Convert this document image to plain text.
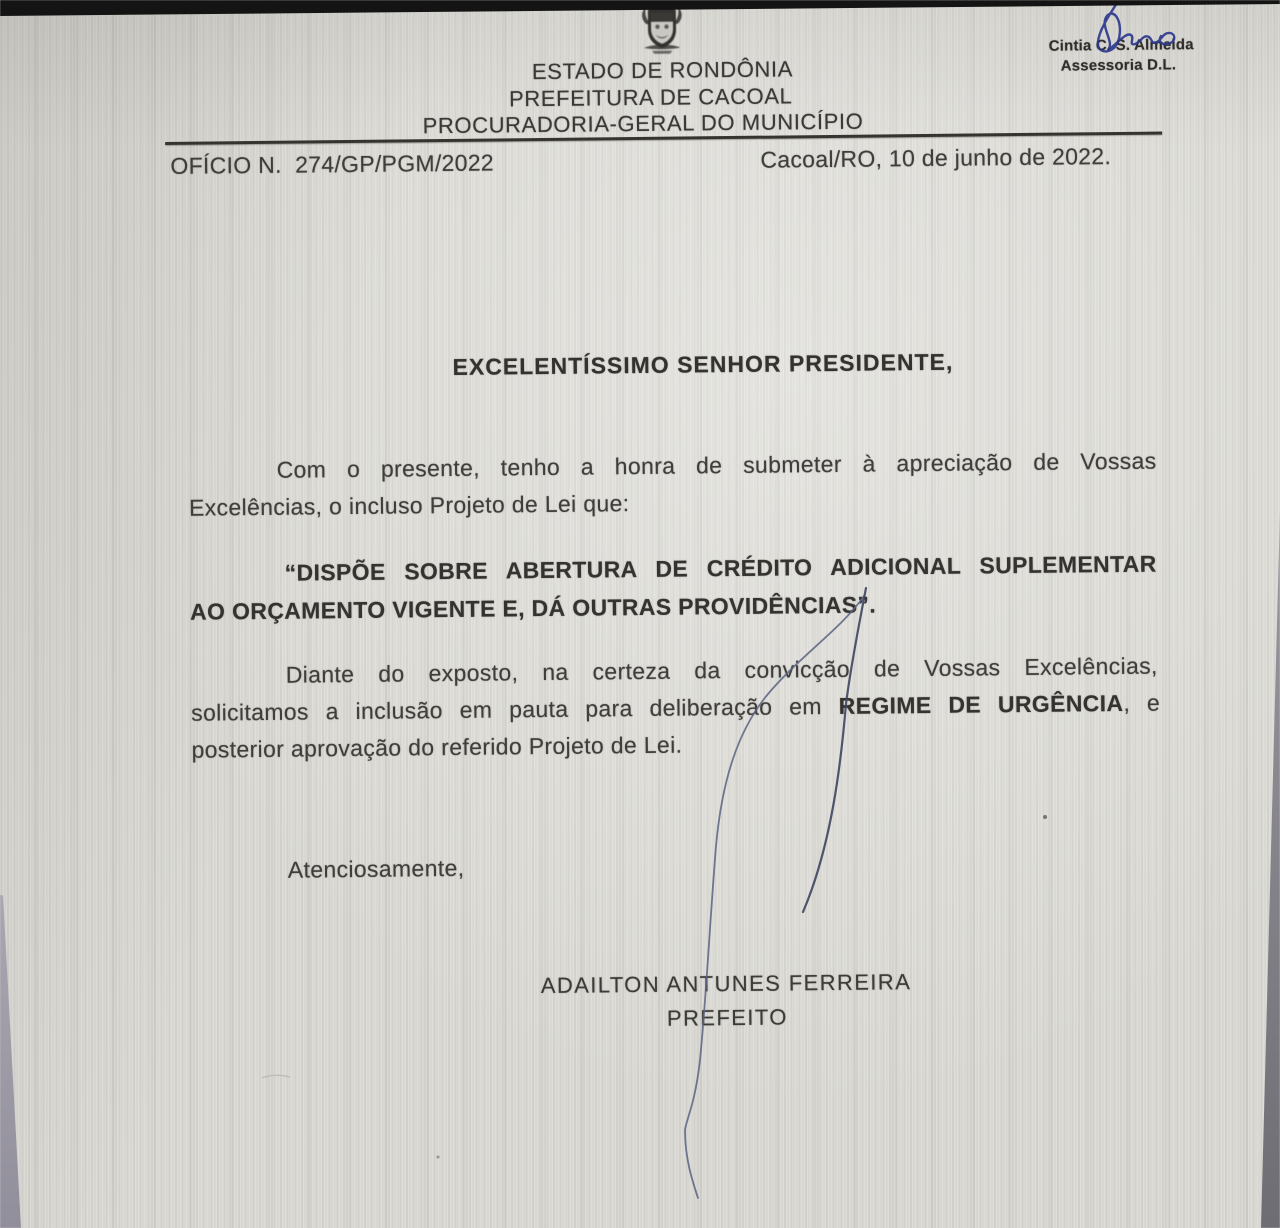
ESTADO DE RONDÔNIA
PREFEITURA DE CACOAL
PROCURADORIA-GERAL DO MUNICÍPIO
OFÍCIO N.  274/GP/PGM/2022	Cacoal/RO, 10 de junho de 2022.
EXCELENTÍSSIMO SENHOR PRESIDENTE,
Com o presente, tenho a honra de submeter à apreciação de Vossas
Excelências, o incluso Projeto de Lei que:
“DISPÕE SOBRE ABERTURA DE CRÉDITO ADICIONAL SUPLEMENTAR
AO ORÇAMENTO VIGENTE E, DÁ OUTRAS PROVIDÊNCIAS”.
Diante do exposto, na certeza da convicção de Vossas Excelências,
solicitamos a inclusão em pauta para deliberação em REGIME DE URGÊNCIA, e
posterior aprovação do referido Projeto de Lei.
Atenciosamente,
ADAILTON ANTUNES FERREIRA
PREFEITO
Cintia C. S. Almeida
Assessoria D.L.
